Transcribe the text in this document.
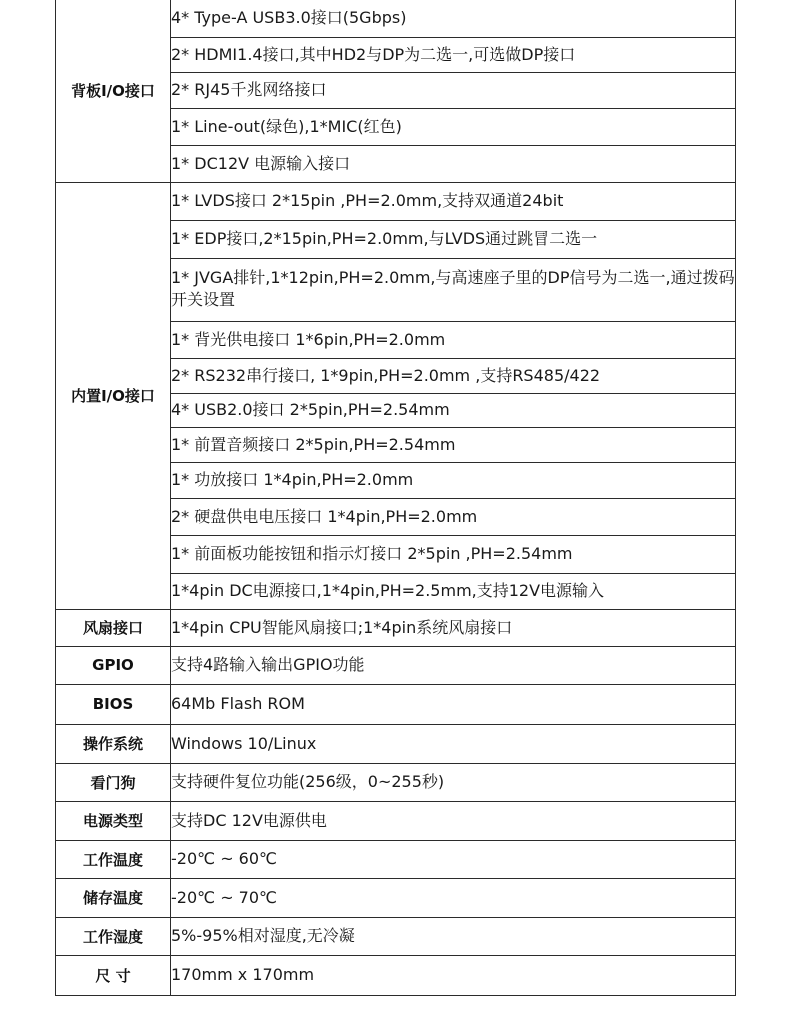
背板I/O接口	4* Type-A USB3.0接口(5Gbps)
	2* HDMI1.4接口,其中HD2与DP为二选一,可选做DP接口
	2* RJ45千兆网络接口
	1* Line-out(绿色),1*MIC(红色)
	1* DC12V 电源输入接口
内置I/O接口	1* LVDS接口 2*15pin ,PH=2.0mm,支持双通道24bit
	1* EDP接口,2*15pin,PH=2.0mm,与LVDS通过跳冒二选一
	1* JVGA排针,1*12pin,PH=2.0mm,与高速座子里的DP信号为二选一,通过拨码开关设置
	1* 背光供电接口 1*6pin,PH=2.0mm
	2* RS232串行接口, 1*9pin,PH=2.0mm ,支持RS485/422
	4* USB2.0接口 2*5pin,PH=2.54mm
	1* 前置音频接口 2*5pin,PH=2.54mm
	1* 功放接口 1*4pin,PH=2.0mm
	2* 硬盘供电电压接口 1*4pin,PH=2.0mm
	1* 前面板功能按钮和指示灯接口 2*5pin ,PH=2.54mm
	1*4pin DC电源接口,1*4pin,PH=2.5mm,支持12V电源输入
风扇接口	1*4pin CPU智能风扇接口;1*4pin系统风扇接口
GPIO	支持4路输入输出GPIO功能
BIOS	64Mb Flash ROM
操作系统	Windows 10/Linux
看门狗	支持硬件复位功能(256级，0~255秒)
电源类型	支持DC 12V电源供电
工作温度	-20℃ ~ 60℃
储存温度	-20℃ ~ 70℃
工作湿度	5%-95%相对湿度,无冷凝
尺 寸	170mm x 170mm
